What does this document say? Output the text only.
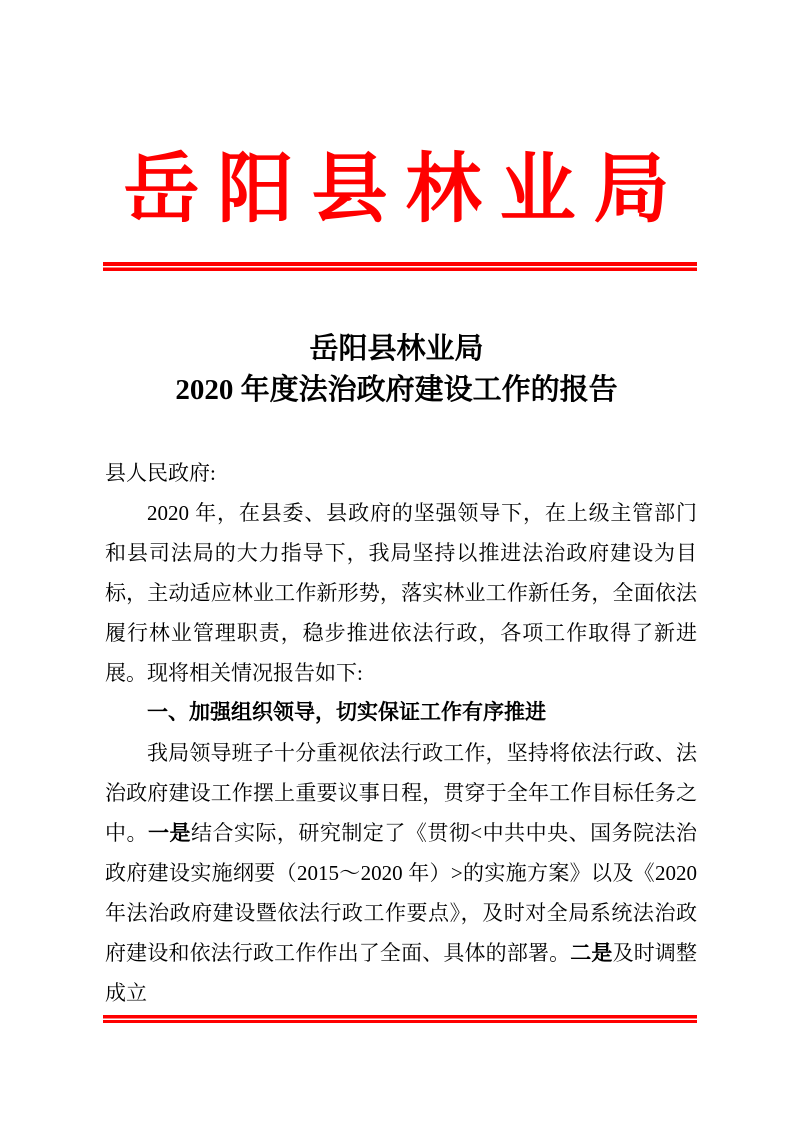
岳阳县林业局
岳阳县林业局
2020 年度法治政府建设工作的报告

县人民政府:

2020 年，在县委、县政府的坚强领导下，在上级主管部门和县司法局的大力指导下，我局坚持以推进法治政府建设为目标，主动适应林业工作新形势，落实林业工作新任务，全面依法履行林业管理职责，稳步推进依法行政，各项工作取得了新进展。现将相关情况报告如下:

一、加强组织领导，切实保证工作有序推进

我局领导班子十分重视依法行政工作，坚持将依法行政、法治政府建设工作摆上重要议事日程，贯穿于全年工作目标任务之中。一是结合实际，研究制定了《贯彻<中共中央、国务院法治政府建设实施纲要（2015～2020 年）>的实施方案》以及《2020 年法治政府建设暨依法行政工作要点》，及时对全局系统法治政府建设和依法行政工作作出了全面、具体的部署。二是及时调整成立
